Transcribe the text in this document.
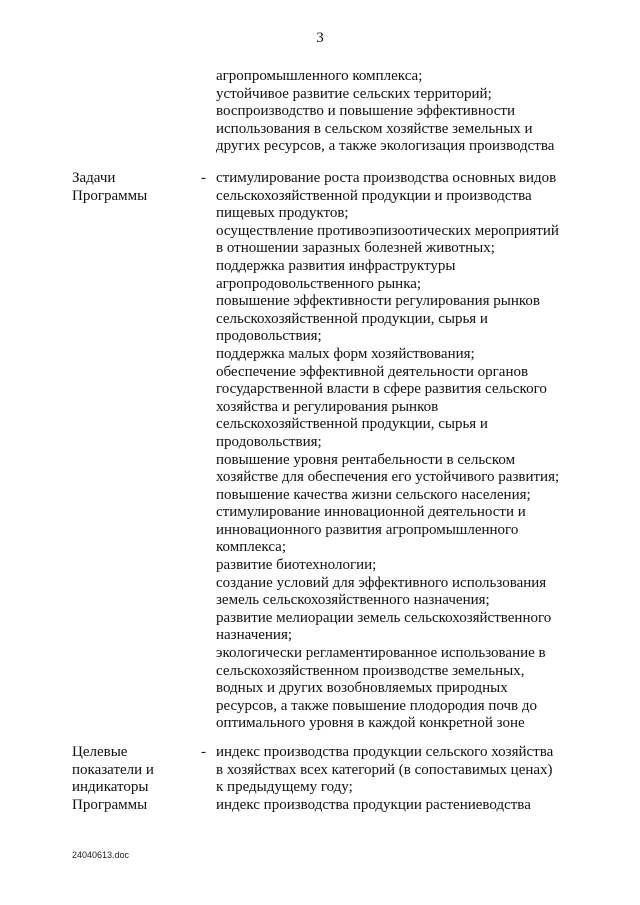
3
агропромышленного комплекса;
устойчивое развитие сельских территорий;
воспроизводство и повышение эффективности
использования в сельском хозяйстве земельных и
других ресурсов, а также экологизация производства
Задачи
Программы
- стимулирование роста производства основных видов
сельскохозяйственной продукции и производства
пищевых продуктов;
осуществление противоэпизоотических мероприятий
в отношении заразных болезней животных;
поддержка развития инфраструктуры
агропродовольственного рынка;
повышение эффективности регулирования рынков
сельскохозяйственной продукции, сырья и
продовольствия;
поддержка малых форм хозяйствования;
обеспечение эффективной деятельности органов
государственной власти в сфере развития сельского
хозяйства и регулирования рынков
сельскохозяйственной продукции, сырья и
продовольствия;
повышение уровня рентабельности в сельском
хозяйстве для обеспечения его устойчивого развития;
повышение качества жизни сельского населения;
стимулирование инновационной деятельности и
инновационного развития агропромышленного
комплекса;
развитие биотехнологии;
создание условий для эффективного использования
земель сельскохозяйственного назначения;
развитие мелиорации земель сельскохозяйственного
назначения;
экологически регламентированное использование в
сельскохозяйственном производстве земельных,
водных и других возобновляемых природных
ресурсов, а также повышение плодородия почв до
оптимального уровня в каждой конкретной зоне
Целевые
показатели и
индикаторы
Программы
- индекс производства продукции сельского хозяйства
в хозяйствах всех категорий (в сопоставимых ценах)
к предыдущему году;
индекс производства продукции растениеводства
24040613.doc
